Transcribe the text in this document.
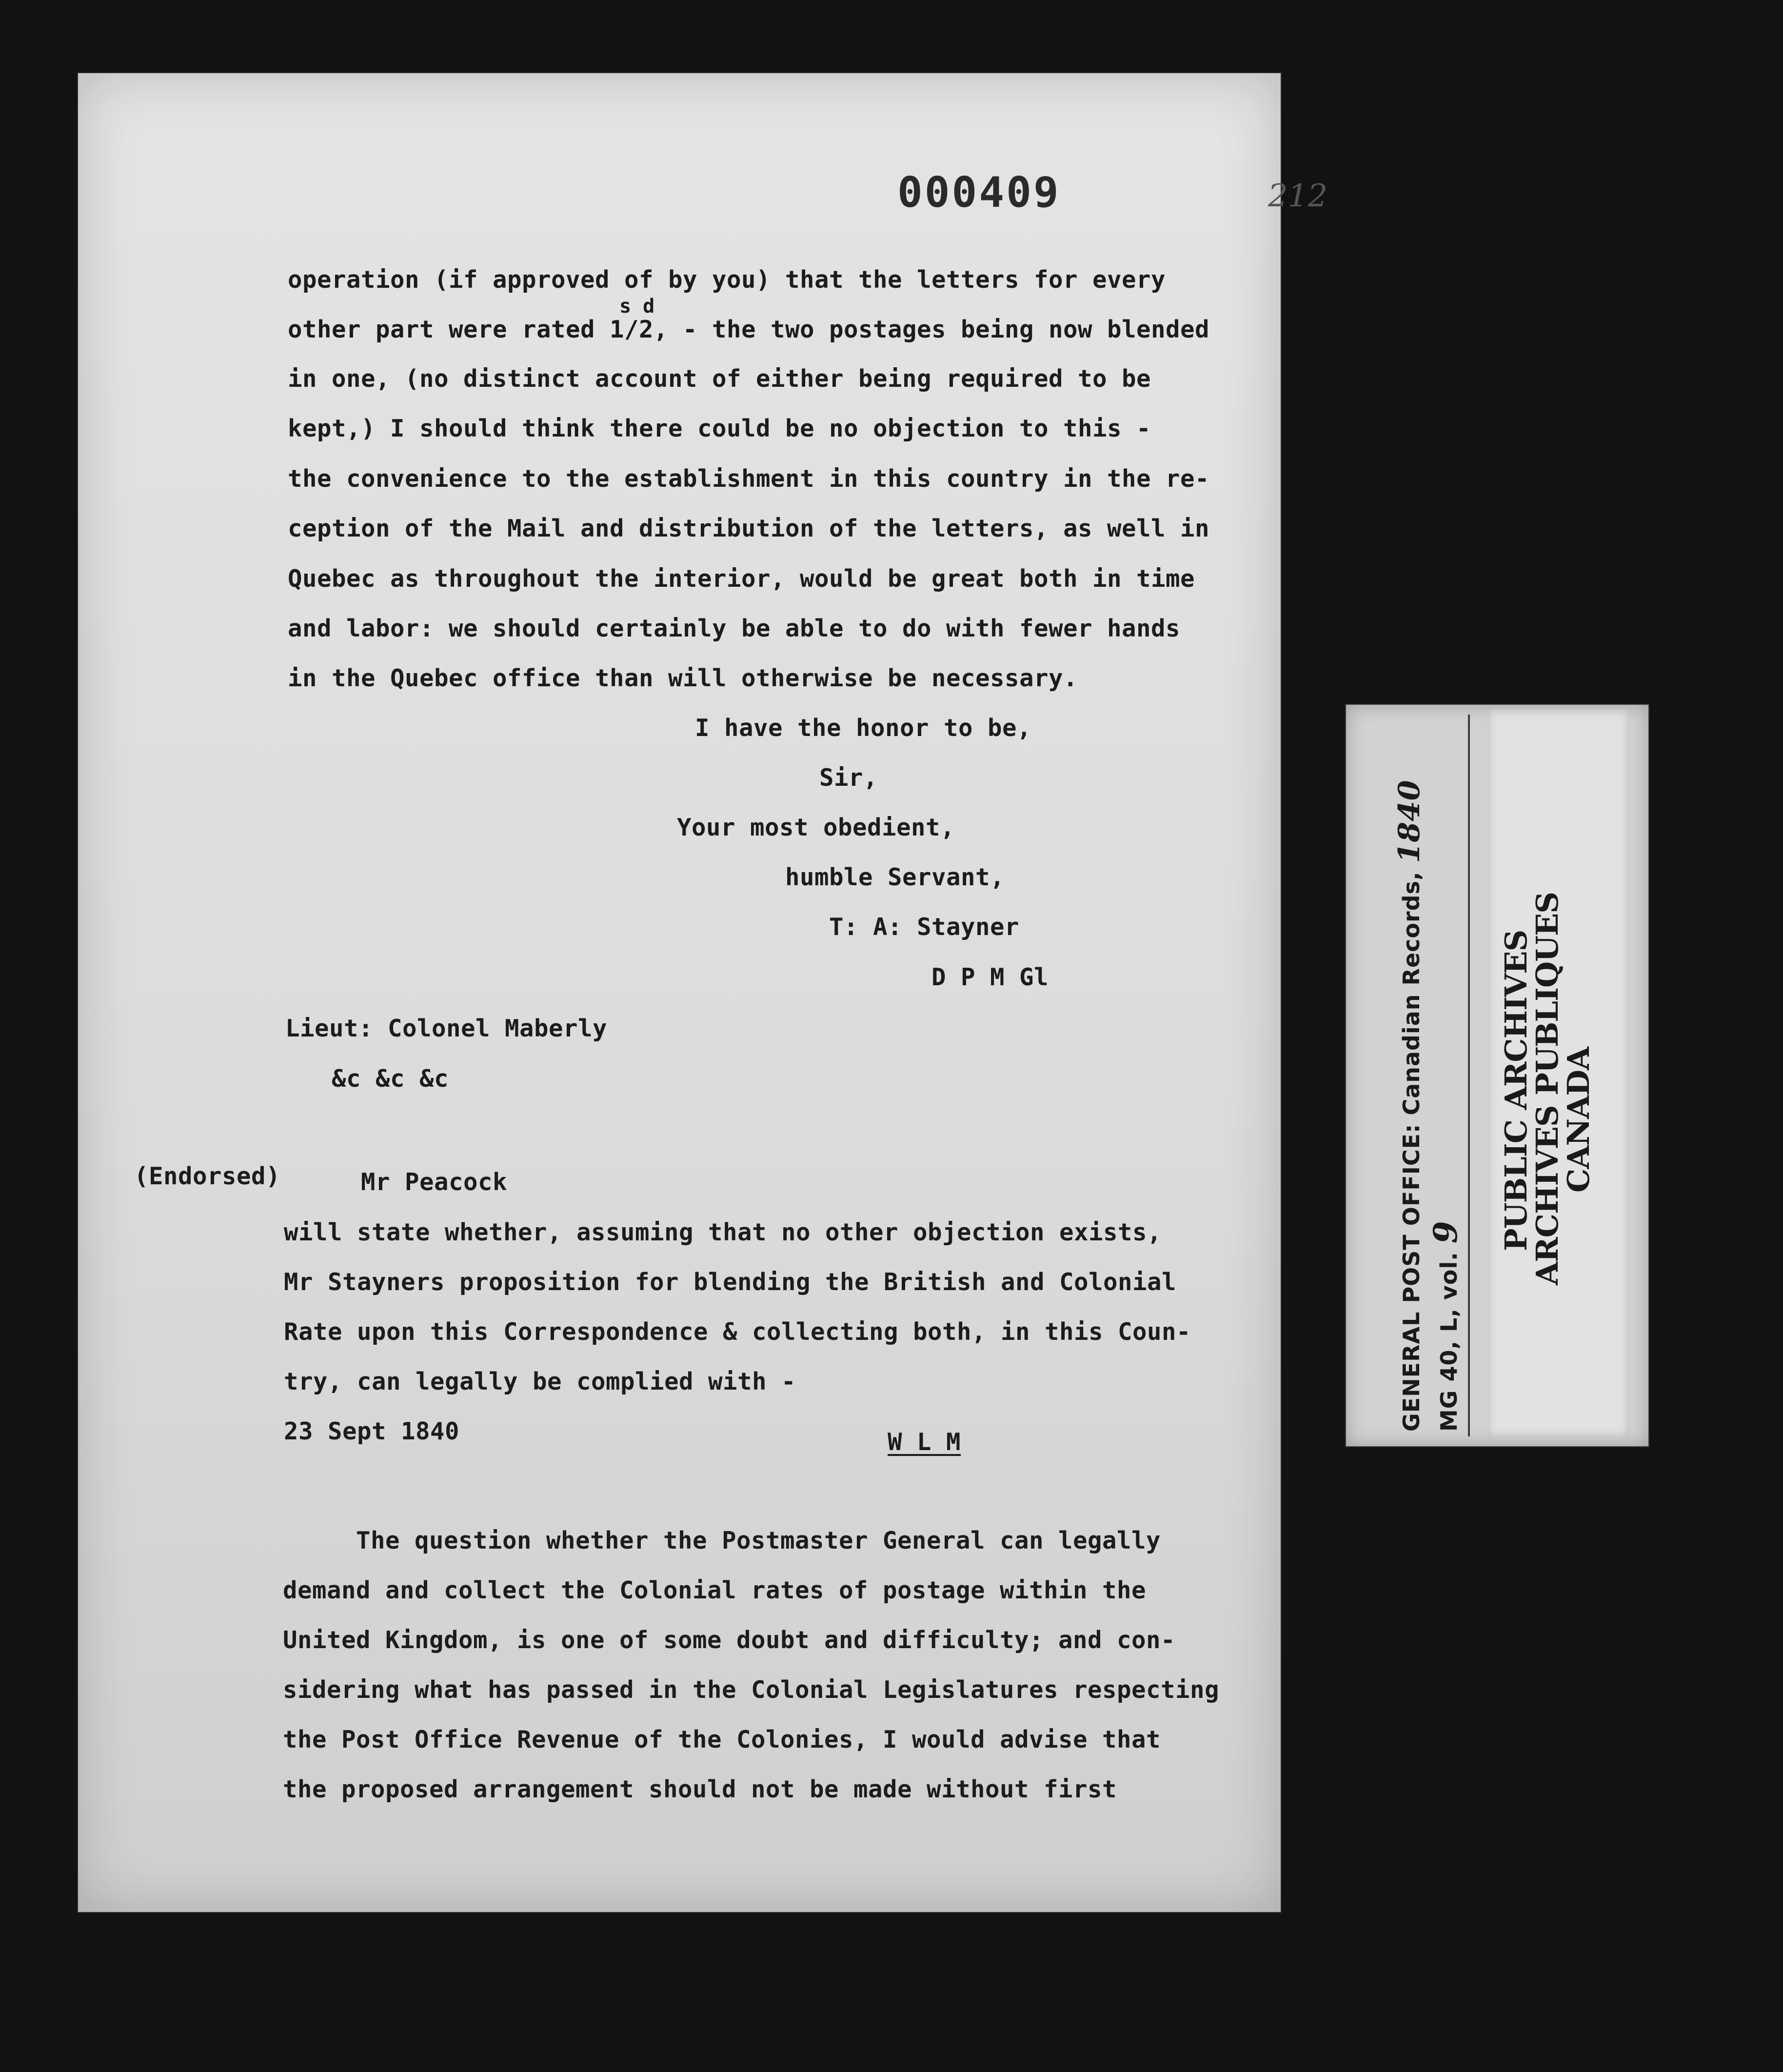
000409	212
s d
operation (if approved of by you) that the letters for every
other part were rated 1/2, - the two postages being now blended
in one, (no distinct account of either being required to be
kept,) I should think there could be no objection to this -
the convenience to the establishment in this country in the re-
ception of the Mail and distribution of the letters, as well in
Quebec as throughout the interior, would be great both in time
and labor: we should certainly be able to do with fewer hands
in the Quebec office than will otherwise be necessary.
I have the honor to be,
Sir,
Your most obedient,
humble Servant,
T: A: Stayner
D P M Gl
Lieut: Colonel Maberly
&c &c &c
(Endorsed)	Mr Peacock
will state whether, assuming that no other objection exists,
Mr Stayners proposition for blending the British and Colonial
Rate upon this Correspondence & collecting both, in this Coun-
try, can legally be complied with -
23 Sept 1840	W L M
The question whether the Postmaster General can legally
demand and collect the Colonial rates of postage within the
United Kingdom, is one of some doubt and difficulty; and con-
sidering what has passed in the Colonial Legislatures respecting
the Post Office Revenue of the Colonies, I would advise that
the proposed arrangement should not be made without first
GENERAL POST OFFICE: Canadian Records, 1840
MG 40, L, vol. 9 PUBLIC ARCHIVES
ARCHIVES PUBLIQUES
CANADA
